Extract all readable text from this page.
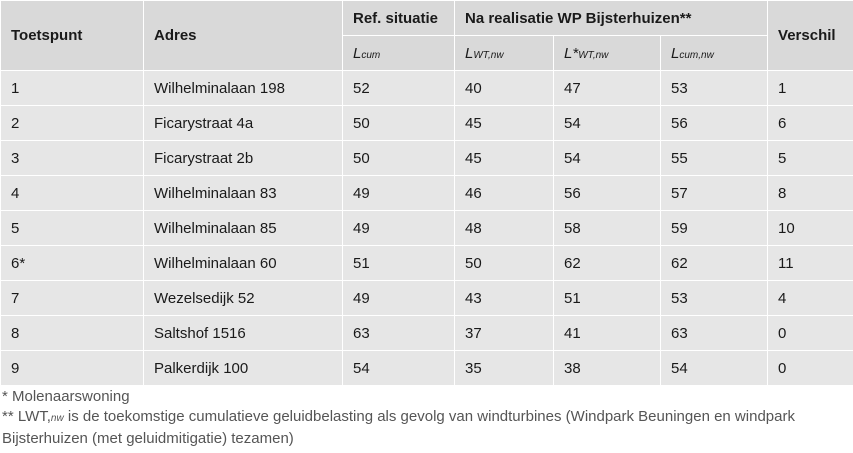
Toetspunt	Adres	Ref. situatie	Na realisatie WP Bijsterhuizen**			Verschil
		Lcum	LWT,nw	L*WT,nw	Lcum,nw	
1	Wilhelminalaan 198	52	40	47	53	1
2	Ficarystraat 4a	50	45	54	56	6
3	Ficarystraat 2b	50	45	54	55	5
4	Wilhelminalaan 83	49	46	56	57	8
5	Wilhelminalaan 85	49	48	58	59	10
6*	Wilhelminalaan 60	51	50	62	62	11
7	Wezelsedijk 52	49	43	51	53	4
8	Saltshof 1516	63	37	41	63	0
9	Palkerdijk 100	54	35	38	54	0
* Molenaarswoning
** LWT,nw is de toekomstige cumulatieve geluidbelasting als gevolg van windturbines (Windpark Beuningen en windpark Bijsterhuizen (met geluidmitigatie) tezamen)
